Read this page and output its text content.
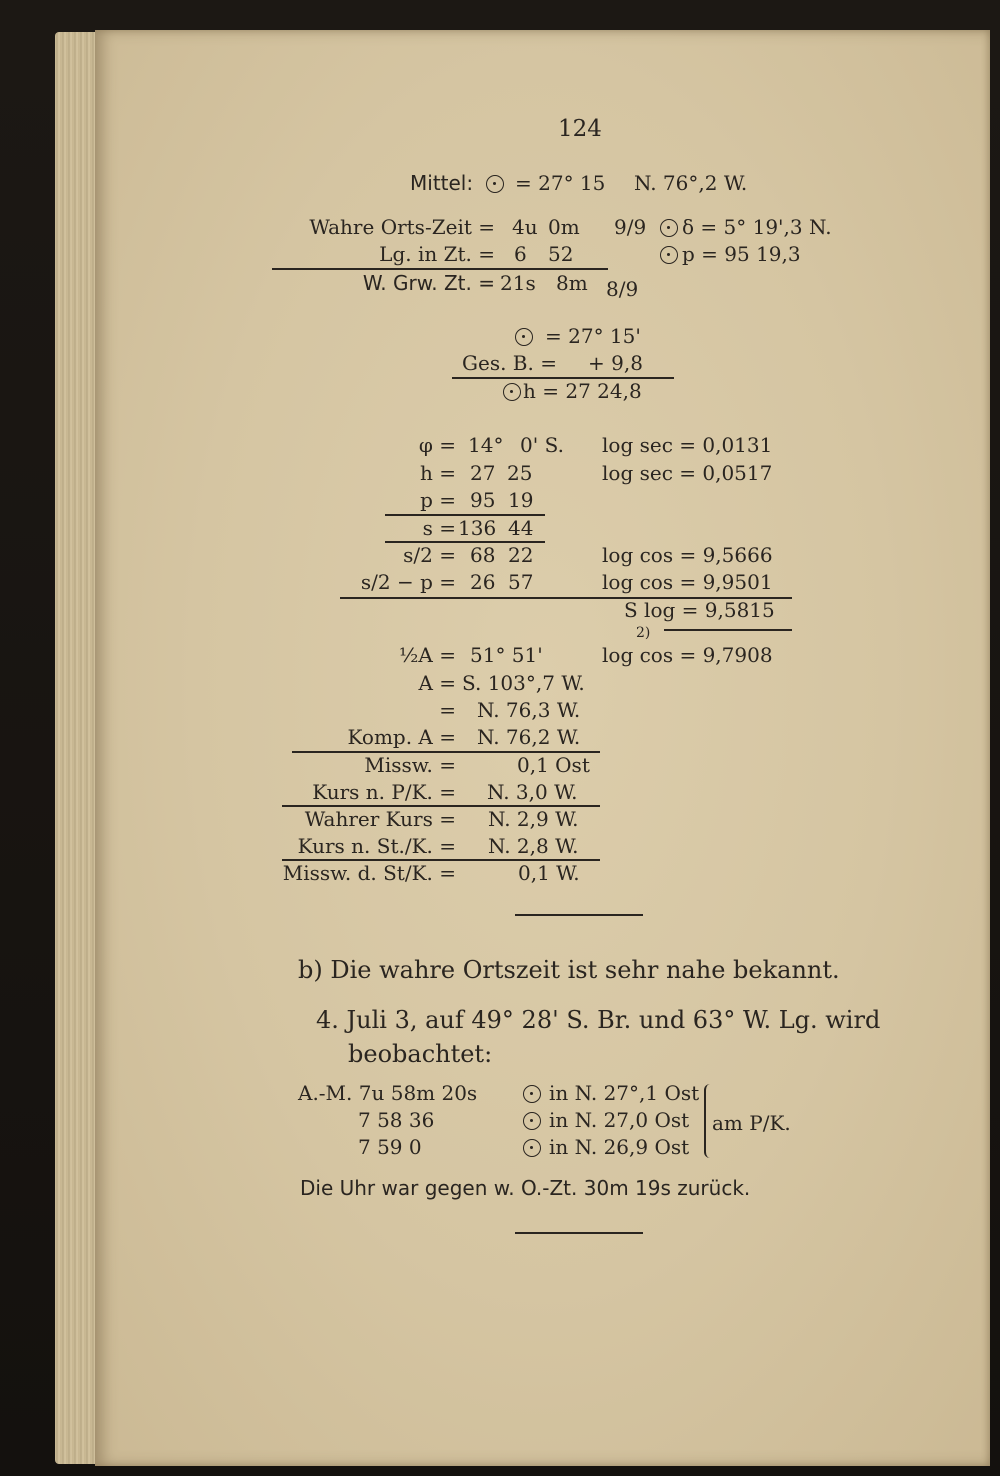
124
Mittel: = 27° 15 N. 76°,2 W.
Wahre Orts-Zeit = 4u 0m 9/9 δ = 5° 19',3 N.
Lg. in Zt. = 6 52	p = 95 19,3
W. Grw. Zt. = 21s 8m 8/9
= 27° 15'
Ges. B. = + 9,8
h = 27 24,8
φ = 14° 0' S. log sec = 0,0131
h = 27 25	log sec = 0,0517
p = 95 19
s = 136 44
s/2 = 68 22	log cos = 9,5666
s/2 − p = 26 57	log cos = 9,9501
S log = 9,5815
2)
½A = 51° 51'	log cos = 9,7908
A = S. 103°,7 W.
= N. 76,3 W.
Komp. A = N. 76,2 W.
Missw. =	0,1 Ost
Kurs n. P/K. = N. 3,0 W.
Wahrer Kurs = N. 2,9 W.
Kurs n. St./K. = N. 2,8 W.
Missw. d. St/K. =	0,1 W.
b) Die wahre Ortszeit ist sehr nahe bekannt.
4. Juli 3, auf 49° 28' S. Br. und 63° W. Lg. wird
beobachtet:
A.-M. 7u 58m 20s	in N. 27°,1 Ost
7 58 36	in N. 27,0 Ost
7 59 0	in N. 26,9 Ost
am P/K.
Die Uhr war gegen w. O.-Zt. 30m 19s zurück.
